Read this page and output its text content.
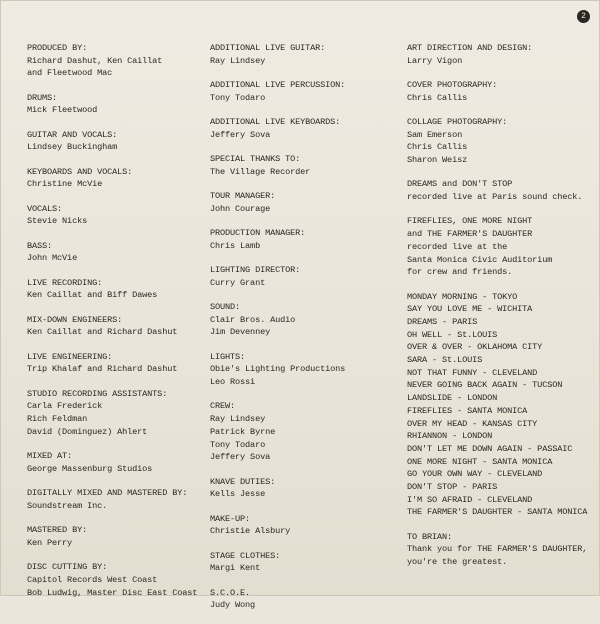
2
PRODUCED BY:
Richard Dashut, Ken Caillat
and Fleetwood Mac
DRUMS:
Mick Fleetwood
GUITAR AND VOCALS:
Lindsey Buckingham
KEYBOARDS AND VOCALS:
Christine McVie
VOCALS:
Stevie Nicks
BASS:
John McVie
LIVE RECORDING:
Ken Caillat and Biff Dawes
MIX-DOWN ENGINEERS:
Ken Caillat and Richard Dashut
LIVE ENGINEERING:
Trip Khalaf and Richard Dashut
STUDIO RECORDING ASSISTANTS:
Carla Frederick
Rich Feldman
David (Dominguez) Ahlert
MIXED AT:
George Massenburg Studios
DIGITALLY MIXED AND MASTERED BY:
Soundstream Inc.
MASTERED BY:
Ken Perry
DISC CUTTING BY:
Capitol Records West Coast
Bob Ludwig, Master Disc East Coast
ADDITIONAL LIVE GUITAR:
Ray Lindsey
ADDITIONAL LIVE PERCUSSION:
Tony Todaro
ADDITIONAL LIVE KEYBOARDS:
Jeffery Sova
SPECIAL THANKS TO:
The Village Recorder
TOUR MANAGER:
John Courage
PRODUCTION MANAGER:
Chris Lamb
LIGHTING DIRECTOR:
Curry Grant
SOUND:
Clair Bros. Audio
Jim Devenney
LIGHTS:
Obie's Lighting Productions
Leo Rossi
CREW:
Ray Lindsey
Patrick Byrne
Tony Todaro
Jeffery Sova
KNAVE DUTIES:
Kells Jesse
MAKE-UP:
Christie Alsbury
STAGE CLOTHES:
Margi Kent
S.C.O.E.
Judy Wong
ART DIRECTION AND DESIGN:
Larry Vigon
COVER PHOTOGRAPHY:
Chris Callis
COLLAGE PHOTOGRAPHY:
Sam Emerson
Chris Callis
Sharon Weisz
DREAMS and DON'T STOP
recorded live at Paris sound check.
FIREFLIES, ONE MORE NIGHT
and THE FARMER'S DAUGHTER
recorded live at the
Santa Monica Civic Auditorium
for crew and friends.
MONDAY MORNING - TOKYO
SAY YOU LOVE ME - WICHITA
DREAMS - PARIS
OH WELL - St.LOUIS
OVER & OVER - OKLAHOMA CITY
SARA - St.LOUIS
NOT THAT FUNNY - CLEVELAND
NEVER GOING BACK AGAIN - TUCSON
LANDSLIDE - LONDON
FIREFLIES - SANTA MONICA
OVER MY HEAD - KANSAS CITY
RHIANNON - LONDON
DON'T LET ME DOWN AGAIN - PASSAIC
ONE MORE NIGHT - SANTA MONICA
GO YOUR OWN WAY - CLEVELAND
DON'T STOP - PARIS
I'M SO AFRAID - CLEVELAND
THE FARMER'S DAUGHTER - SANTA MONICA
TO BRIAN:
Thank you for THE FARMER'S DAUGHTER,
you're the greatest.
